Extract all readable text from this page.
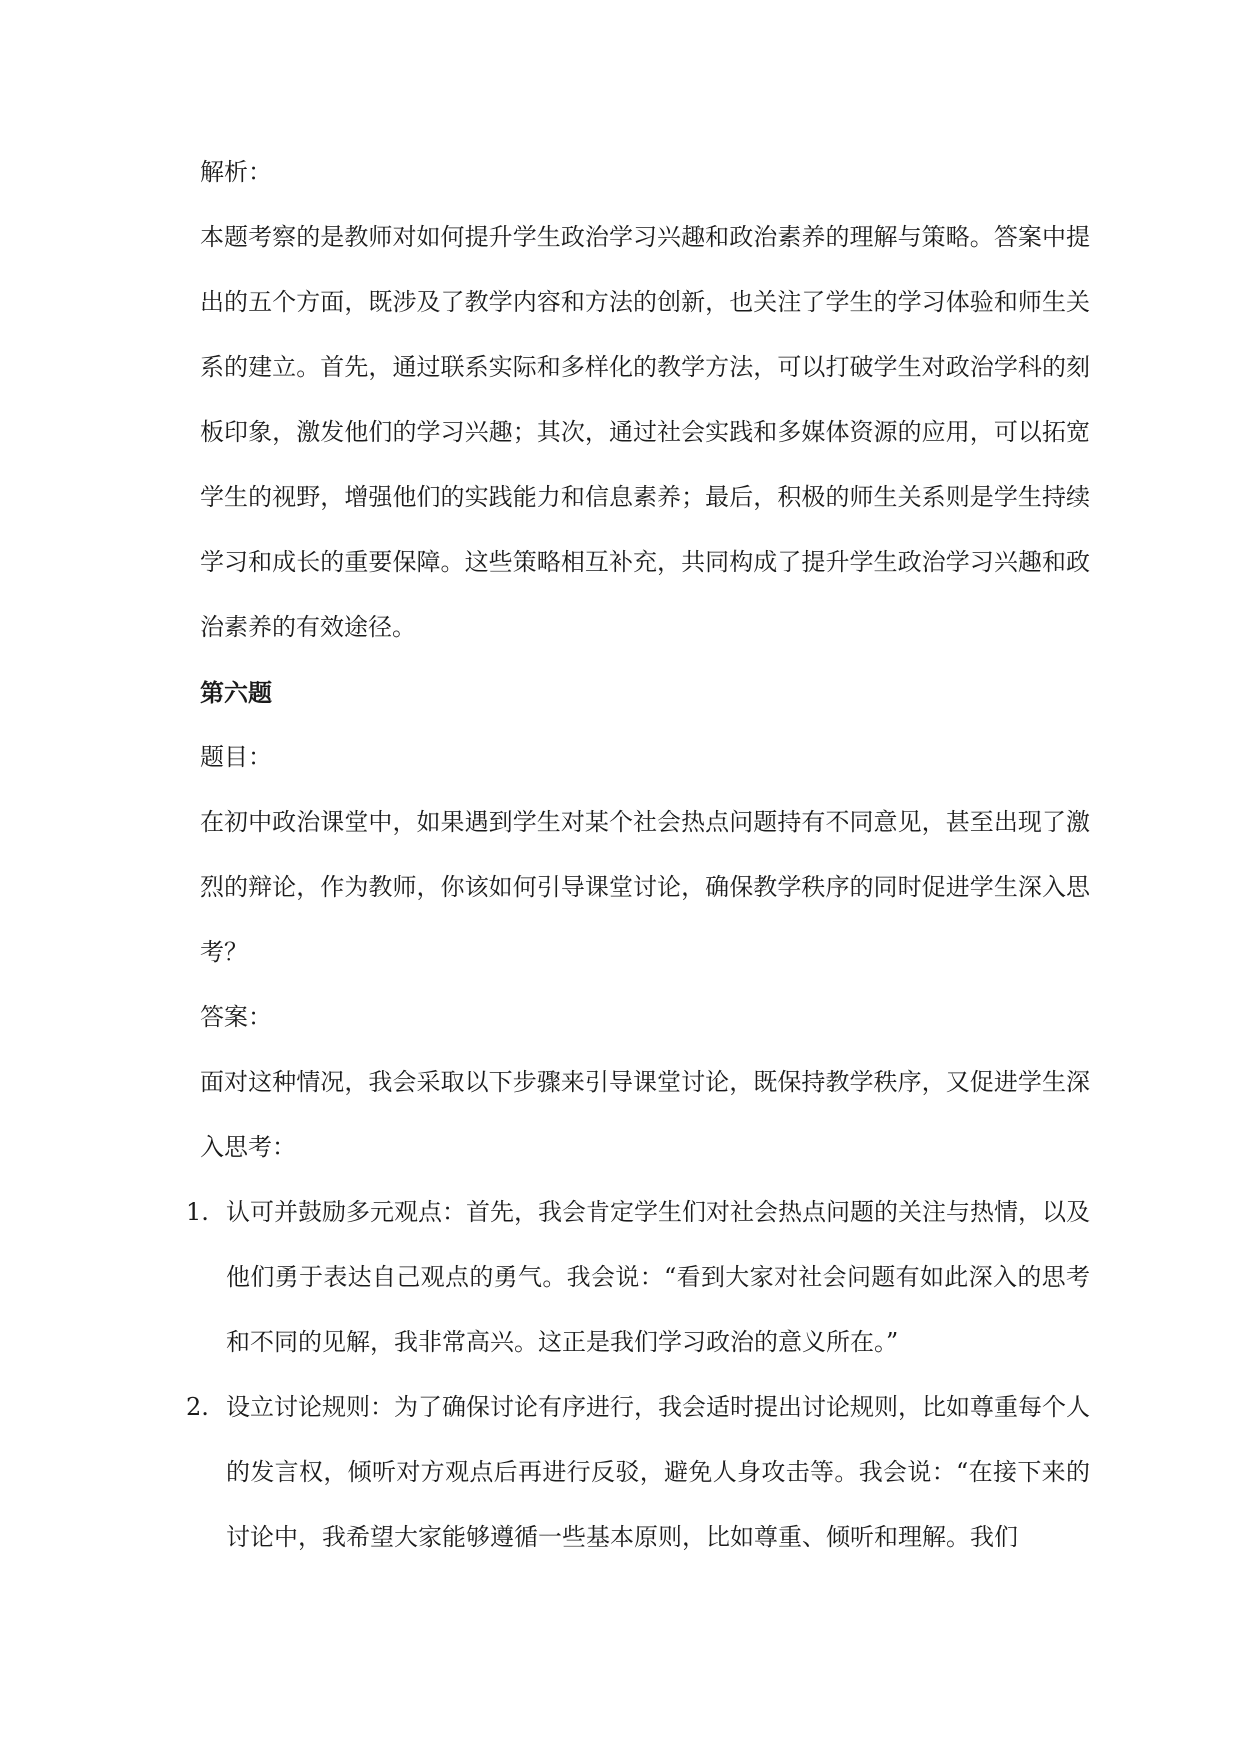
解析：

本题考察的是教师对如何提升学生政治学习兴趣和政治素养的理解与策略。答案中提出的五个方面，既涉及了教学内容和方法的创新，也关注了学生的学习体验和师生关系的建立。首先，通过联系实际和多样化的教学方法，可以打破学生对政治学科的刻板印象，激发他们的学习兴趣；其次，通过社会实践和多媒体资源的应用，可以拓宽学生的视野，增强他们的实践能力和信息素养；最后，积极的师生关系则是学生持续学习和成长的重要保障。这些策略相互补充，共同构成了提升学生政治学习兴趣和政治素养的有效途径。

第六题

题目：

在初中政治课堂中，如果遇到学生对某个社会热点问题持有不同意见，甚至出现了激烈的辩论，作为教师，你该如何引导课堂讨论，确保教学秩序的同时促进学生深入思考？

答案：

面对这种情况，我会采取以下步骤来引导课堂讨论，既保持教学秩序，又促进学生深入思考：

1. 认可并鼓励多元观点：首先，我会肯定学生们对社会热点问题的关注与热情，以及他们勇于表达自己观点的勇气。我会说：“看到大家对社会问题有如此深入的思考和不同的见解，我非常高兴。这正是我们学习政治的意义所在。”
2. 设立讨论规则：为了确保讨论有序进行，我会适时提出讨论规则，比如尊重每个人的发言权，倾听对方观点后再进行反驳，避免人身攻击等。我会说：“在接下来的讨论中，我希望大家能够遵循一些基本原则，比如尊重、倾听和理解。我们
